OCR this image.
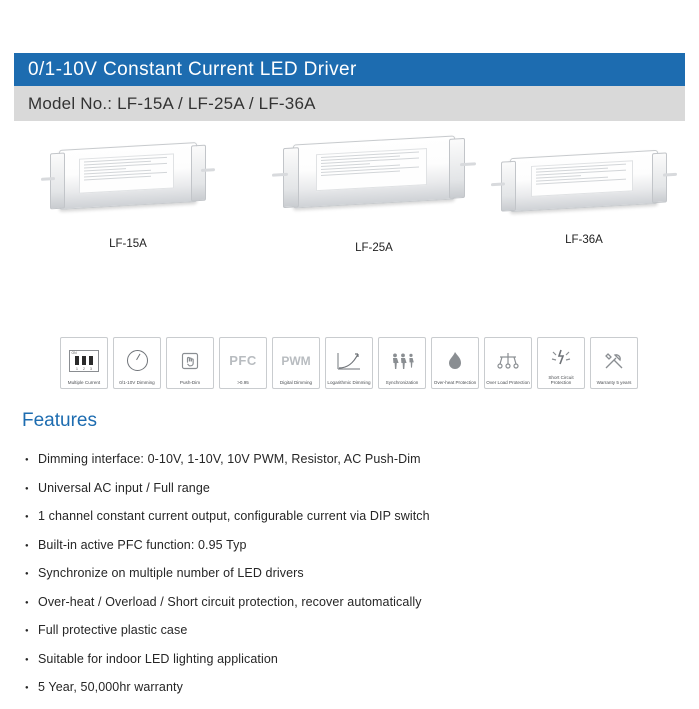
0/1-10V Constant Current LED Driver
Model No.: LF-15A / LF-25A / LF-36A
LF-15A	LF-25A
LF-36A
ON
1 2 3
Multiple Current	0/1-10V Dimming	Push-Dim
PFC
>0.95
PWM
Digital Dimming	Logarithmic Dimming	Synchronization	Over-heat Protection	Over Load Protection
Short Circuit Protection	Warranty 5 years
Features
● Dimming interface: 0-10V, 1-10V, 10V PWM, Resistor, AC Push-Dim
● Universal AC input / Full range
● 1 channel constant current output, configurable current via DIP switch
● Built-in active PFC function: 0.95 Typ
● Synchronize on multiple number of LED drivers
● Over-heat / Overload / Short circuit protection, recover automatically
● Full protective plastic case
● Suitable for indoor LED lighting application
● 5 Year, 50,000hr warranty
